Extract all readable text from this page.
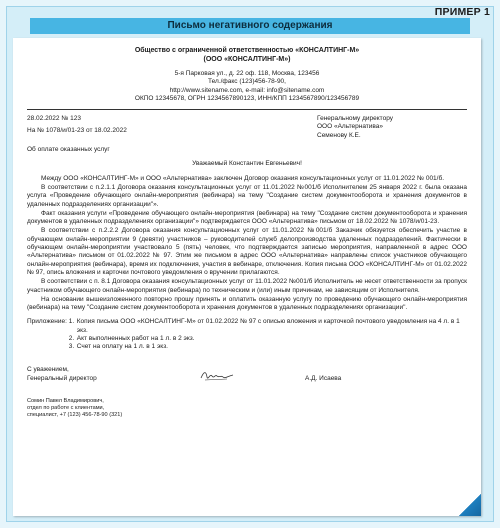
ПРИМЕР 1
Письмо негативного содержания
Общество с ограниченной ответственностью «КОНСАЛТИНГ-М»
(ООО «КОНСАЛТИНГ-М»)
5-я Парковая ул., д. 22 оф. 118, Москва, 123456
Тел./факс (123)456-78-90,
http://www.sitename.com, e-mail: info@sitename.com
ОКПО 12345678, ОГРН 1234567890123, ИНН/КПП 1234567890/123456789
28.02.2022 № 123
На № 1078/и/01-23 от 18.02.2022
Генеральному директору
ООО «Альтернатива»
Семенову К.Е.
Об оплате оказанных услуг
Уважаемый Константин Евгеньевич!

Между ООО «КОНСАЛТИНГ-М» и ООО «Альтернатива» заключен Договор оказания консультационных услуг от 11.01.2022 № 001/б.

В соответствии с п.2.1.1 Договора оказания консультационных услуг от 11.01.2022 №001/б Исполнителем 25 января 2022 г. была оказана услуга «Проведение обучающего онлайн-мероприятия (вебинара) на тему "Создание систем документооборота и хранения документов в удаленных подразделениях организации"».

Факт оказания услуги «Проведение обучающего онлайн-мероприятия (вебинара) на тему "Создание систем документооборота и хранения документов в удаленных подразделениях организации"» подтверждается ООО «Альтернатива» письмом от 18.02.2022 № 1078/и/01-23.

В соответствии с п.2.2.2 Договора оказания консультационных услуг от 11.01.2022 №001/б Заказчик обязуется обеспечить участие в обучающем онлайн-мероприятии 9 (девяти) участников – руководителей служб делопроизводства удаленных подразделений. Фактически в обучающем онлайн-мероприятии участвовало 5 (пять) человек, что подтверждается записью мероприятия, направленной в адрес ООО «Альтернатива» письмом от 01.02.2022 № 97. Этим же письмом в адрес ООО «Альтернатива» направлены список участников обучающего онлайн-мероприятия (вебинара), время их подключения, участия в вебинаре, отключения. Копия письма ООО «КОНСАЛТИНГ-М» от 01.02.2022 № 97, опись вложения и карточки почтового уведомления о вручении прилагаются.

В соответствии с п. 8.1 Договора оказания консультационных услуг от 11.01.2022 №001/б Исполнитель не несет ответственности за пропуск участником обучающего онлайн-мероприятия (вебинара) по техническим и (или) иным причинам, не зависящим от Исполнителя.

На основании вышеизложенного повторно прошу принять и оплатить оказанную услугу по проведению обучающего онлайн-мероприятия (вебинара) на тему "Создание систем документооборота и хранения документов в удаленных подразделениях организации".

Приложение:
1. Копия письма ООО «КОНСАЛТИНГ-М» от 01.02.2022 № 97 с описью вложения и карточкой почтового уведомления на 4 л. в 1 экз.
2. Акт выполненных работ на 1 л. в 2 экз.
3. Счет на оплату на 1 л. в 1 экз.
С уважением,
Генеральный директор	А.Д. Исаева
Сомин Павел Владимирович,
отдел по работе с клиентами,
специалист, +7 (123) 456-78-90 (321)
